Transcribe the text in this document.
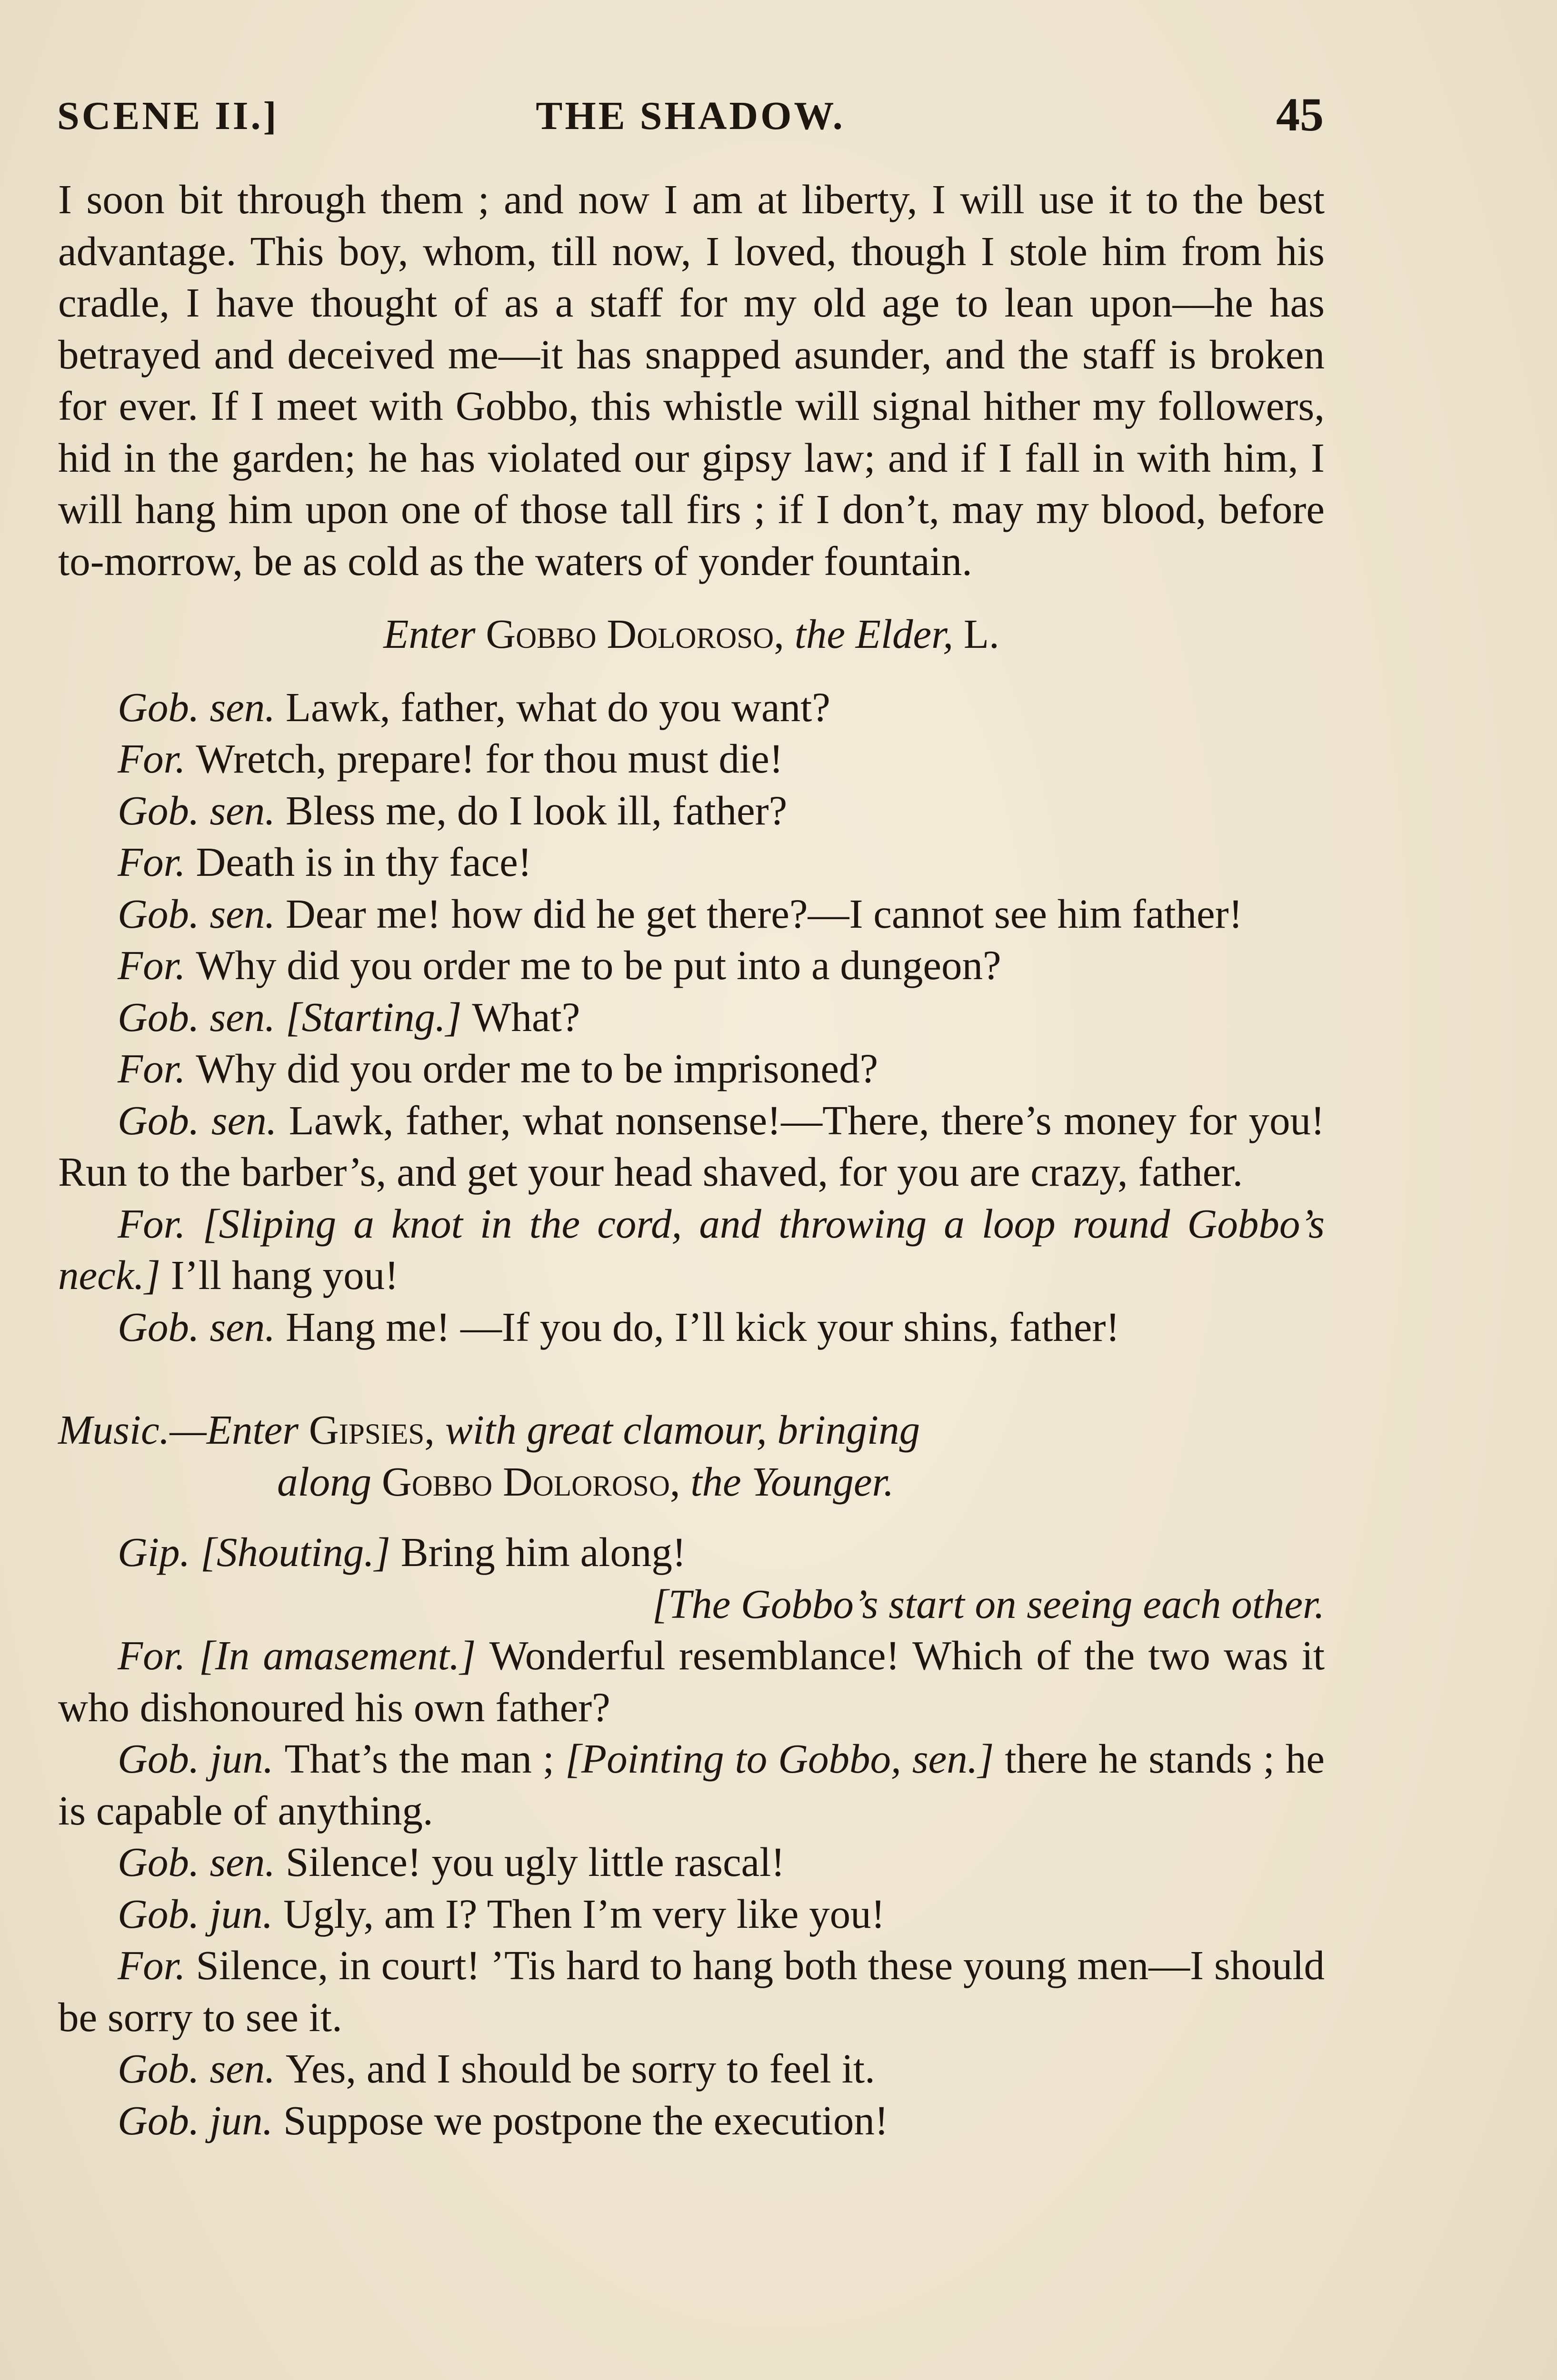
SCENE II.]	THE SHADOW.	45

I soon bit through them ; and now I am at liberty, I will use it to the best advantage. This boy, whom, till now, I loved, though I stole him from his cradle, I have thought of as a staff for my old age to lean upon—he has betrayed and deceived me—it has snapped asunder, and the staff is broken for ever. If I meet with Gobbo, this whistle will signal hither my followers, hid in the garden; he has violated our gipsy law; and if I fall in with him, I will hang him upon one of those tall firs ; if I don’t, may my blood, before to-morrow, be as cold as the waters of yonder fountain.

Enter Gobbo Doloroso, the Elder, L.

Gob. sen. Lawk, father, what do you want?

For. Wretch, prepare! for thou must die!

Gob. sen. Bless me, do I look ill, father?

For. Death is in thy face!

Gob. sen. Dear me! how did he get there?—I cannot see him father!

For. Why did you order me to be put into a dungeon?

Gob. sen. [Starting.] What?

For. Why did you order me to be imprisoned?

Gob. sen. Lawk, father, what nonsense!—There, there’s money for you! Run to the barber’s, and get your head shaved, for you are crazy, father.

For. [Sliping a knot in the cord, and throwing a loop round Gobbo’s neck.] I’ll hang you!

Gob. sen. Hang me! —If you do, I’ll kick your shins, father!

Music.—Enter Gipsies, with great clamour, bringing

along Gobbo Doloroso, the Younger.

Gip. [Shouting.] Bring him along!

[The Gobbo’s start on seeing each other.

For. [In amasement.] Wonderful resemblance! Which of the two was it who dishonoured his own father?

Gob. jun. That’s the man ; [Pointing to Gobbo, sen.] there he stands ; he is capable of anything.

Gob. sen. Silence! you ugly little rascal!

Gob. jun. Ugly, am I? Then I’m very like you!

For. Silence, in court! ’Tis hard to hang both these young men—I should be sorry to see it.

Gob. sen. Yes, and I should be sorry to feel it.

Gob. jun. Suppose we postpone the execution!
